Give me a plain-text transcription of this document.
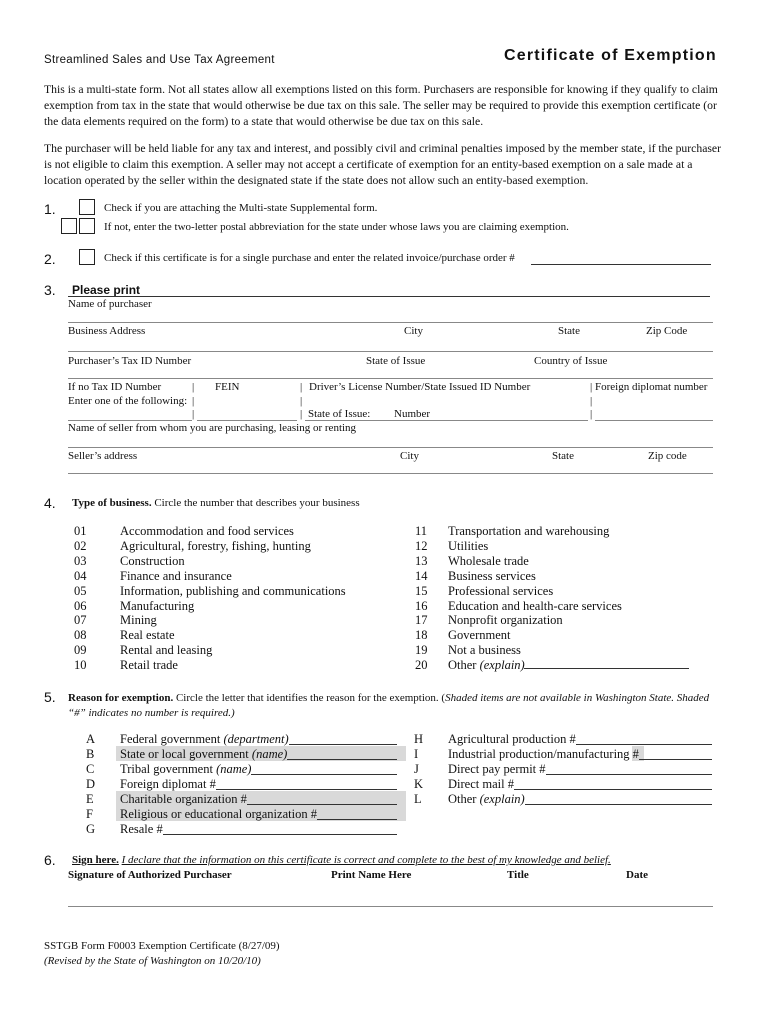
Streamlined Sales and Use Tax Agreement	Certificate of Exemption
This is a multi-state form. Not all states allow all exemptions listed on this form. Purchasers are responsible for knowing if they qualify to claim exemption from tax in the state that would otherwise be due tax on this sale. The seller may be required to provide this exemption certificate (or the data elements required on the form) to a state that would otherwise be due tax on this sale.
The purchaser will be held liable for any tax and interest, and possibly civil and criminal penalties imposed by the member state, if the purchaser is not eligible to claim this exemption. A seller may not accept a certificate of exemption for an entity-based exemption on a sale made at a location operated by the seller within the designated state if the state does not allow such an entity-based exemption.
1.	Check if you are attaching the Multi-state Supplemental form.
If not, enter the two-letter postal abbreviation for the state under whose laws you are claiming exemption.
2.	Check if this certificate is for a single purchase and enter the related invoice/purchase order #
3. Please print
Name of purchaser
Business Address	City	State	Zip Code
Purchaser’s Tax ID Number	State of Issue	Country of Issue
If no Tax ID Number	| FEIN	| Driver’s License Number/State Issued ID Number	| Foreign diplomat number
Enter one of the following: |	|	|
|	| State of Issue: Number	|
Name of seller from whom you are purchasing, leasing or renting
Seller’s address	City	State	Zip code
4. Type of business. Circle the number that describes your business
01	Accommodation and food services
02	Agricultural, forestry, fishing, hunting
03	Construction
04	Finance and insurance
05	Information, publishing and communications
06	Manufacturing
07	Mining
08	Real estate
09	Rental and leasing
10	Retail trade
11 Transportation and warehousing
12 Utilities
13 Wholesale trade
14 Business services
15 Professional services
16 Education and health-care services
17 Nonprofit organization
18 Government
19 Not a business
20 Other (explain)
5. Reason for exemption. Circle the letter that identifies the reason for the exemption. (Shaded items are not available in Washington State. Shaded “#” indicates no number is required.)
A Federal government (department)
B State or local government (name)
C Tribal government (name)
D Foreign diplomat #
E Charitable organization #
F Religious or educational organization #
G Resale #
H Agricultural production #
I Industrial production/manufacturing #
J Direct pay permit #
K Direct mail #
L Other (explain)
6. Sign here. I declare that the information on this certificate is correct and complete to the best of my knowledge and belief.
Signature of Authorized Purchaser	Print Name Here	Title	Date
SSTGB Form F0003 Exemption Certificate (8/27/09)
(Revised by the State of Washington on 10/20/10)
